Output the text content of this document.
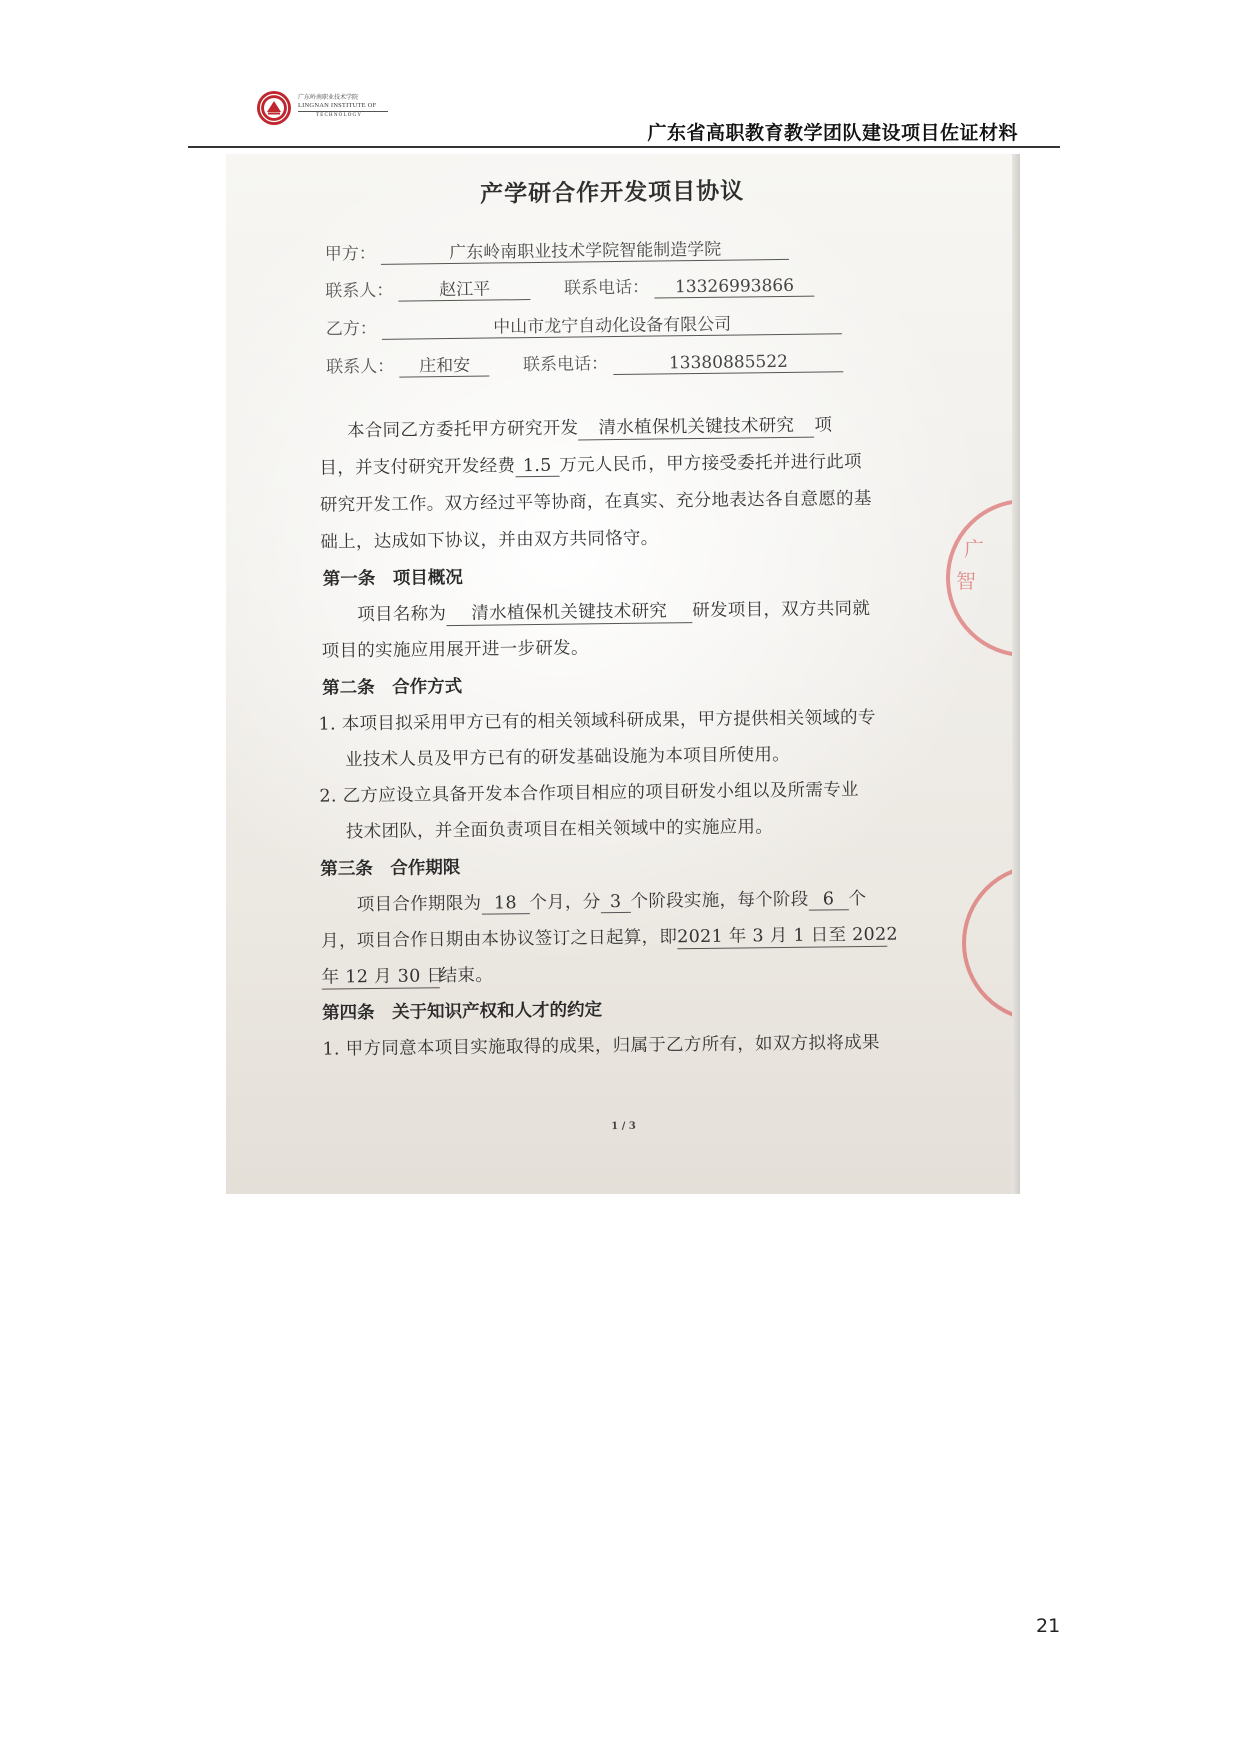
广东岭南职业技术学院
LINGNAN INSTITUTE OF
TECHNOLOGY
广东省高职教育教学团队建设项目佐证材料
产学研合作开发项目协议
甲方：	广东岭南职业技术学院智能制造学院
联系人：	赵江平	联系电话： 13326993866
乙方：	中山市龙宁自动化设备有限公司
联系人： 庄和安	联系电话：	13380885522
本合同乙方委托甲方研究开发 清水植保机关键技术研究 项
目，并支付研究开发经费 1.5 万元人民币，甲方接受委托并进行此项
研究开发工作。双方经过平等协商，在真实、充分地表达各自意愿的基
础上，达成如下协议，并由双方共同恪守。
第一条　项目概况
项目名称为 清水植保机关键技术研究 研发项目，双方共同就
项目的实施应用展开进一步研发。
第二条　合作方式
1. 本项目拟采用甲方已有的相关领域科研成果，甲方提供相关领域的专
业技术人员及甲方已有的研发基础设施为本项目所使用。
2. 乙方应设立具备开发本合作项目相应的项目研发小组以及所需专业
技术团队，并全面负责项目在相关领域中的实施应用。
第三条　合作期限
项目合作期限为 18 个月，分 3 个阶段实施，每个阶段 6 个
月，项目合作日期由本协议签订之日起算，即2021 年 3 月 1 日至 2022
年 12 月 30 日结束。
第四条　关于知识产权和人才的约定
1. 甲方同意本项目实施取得的成果，归属于乙方所有，如双方拟将成果
1 / 3
广
智
21
